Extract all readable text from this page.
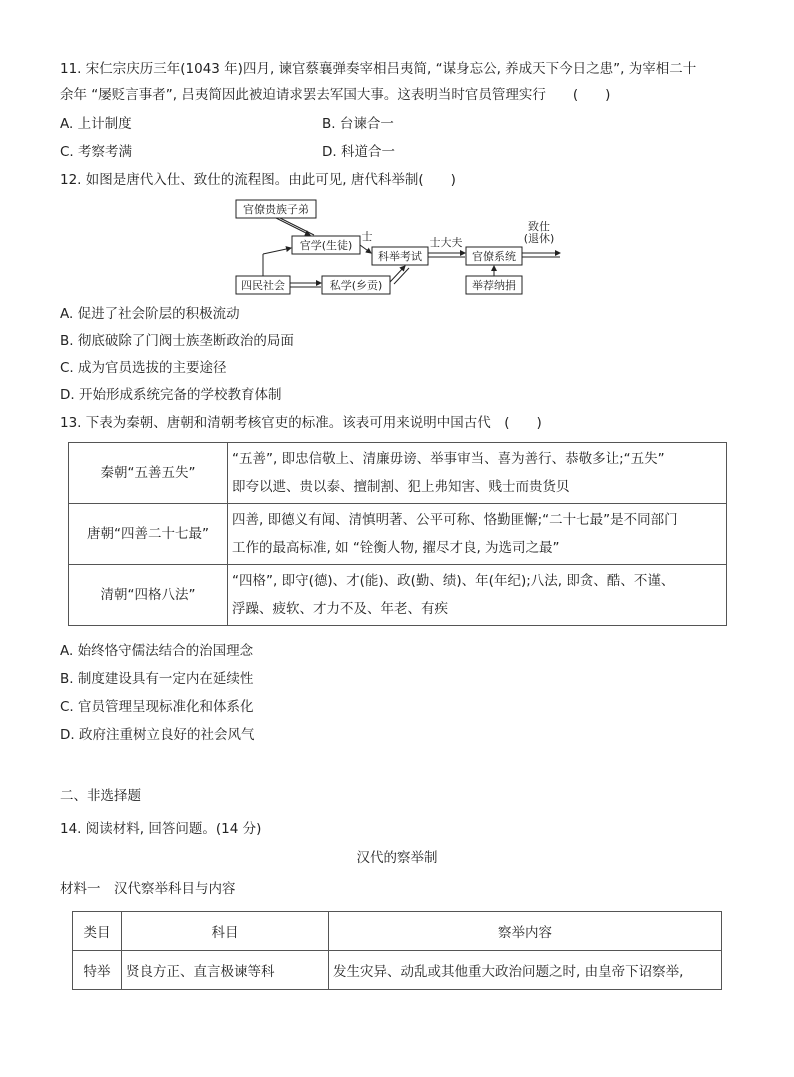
11. 宋仁宗庆历三年(1043 年)四月, 谏官蔡襄弹奏宰相吕夷简, “谋身忘公, 养成天下今日之患”, 为宰相二十
余年 “屡贬言事者”, 吕夷简因此被迫请求罢去军国大事。这表明当时官员管理实行　　(　　)
A. 上计制度	B. 台谏合一
C. 考察考满	D. 科道合一
12. 如图是唐代入仕、致仕的流程图。由此可见, 唐代科举制(　　)
官僚贵族子弟
官学(生徒)
科举考试
四民社会	私学(乡贡)
官僚系统
举荐纳捐
士	士大夫
致仕
(退休)
A. 促进了社会阶层的积极流动
B. 彻底破除了门阀士族垄断政治的局面
C. 成为官员选拔的主要途径
D. 开始形成系统完备的学校教育体制
13. 下表为秦朝、唐朝和清朝考核官吏的标准。该表可用来说明中国古代　(　　)
秦朝“五善五失”	“五善”, 即忠信敬上、清廉毋谤、举事审当、喜为善行、恭敬多让;“五失”
即夸以迣、贵以泰、擅制割、犯上弗知害、贱士而贵货贝

唐朝“四善二十七最”	四善, 即德义有闻、清慎明著、公平可称、恪勤匪懈;“二十七最”是不同部门
工作的最高标准, 如 “铨衡人物, 擢尽才良, 为选司之最”

清朝“四格八法”	“四格”, 即守(德)、才(能)、政(勤、绩)、年(年纪);八法, 即贪、酷、不谨、
浮躁、疲软、才力不及、年老、有疾
A. 始终恪守儒法结合的治国理念
B. 制度建设具有一定内在延续性
C. 官员管理呈现标准化和体系化
D. 政府注重树立良好的社会风气
二、非选择题
14. 阅读材料, 回答问题。(14 分)
汉代的察举制
材料一　汉代察举科目与内容
类目	科目	察举内容
特举	贤良方正、直言极谏等科	发生灾异、动乱或其他重大政治问题之时, 由皇帝下诏察举,
